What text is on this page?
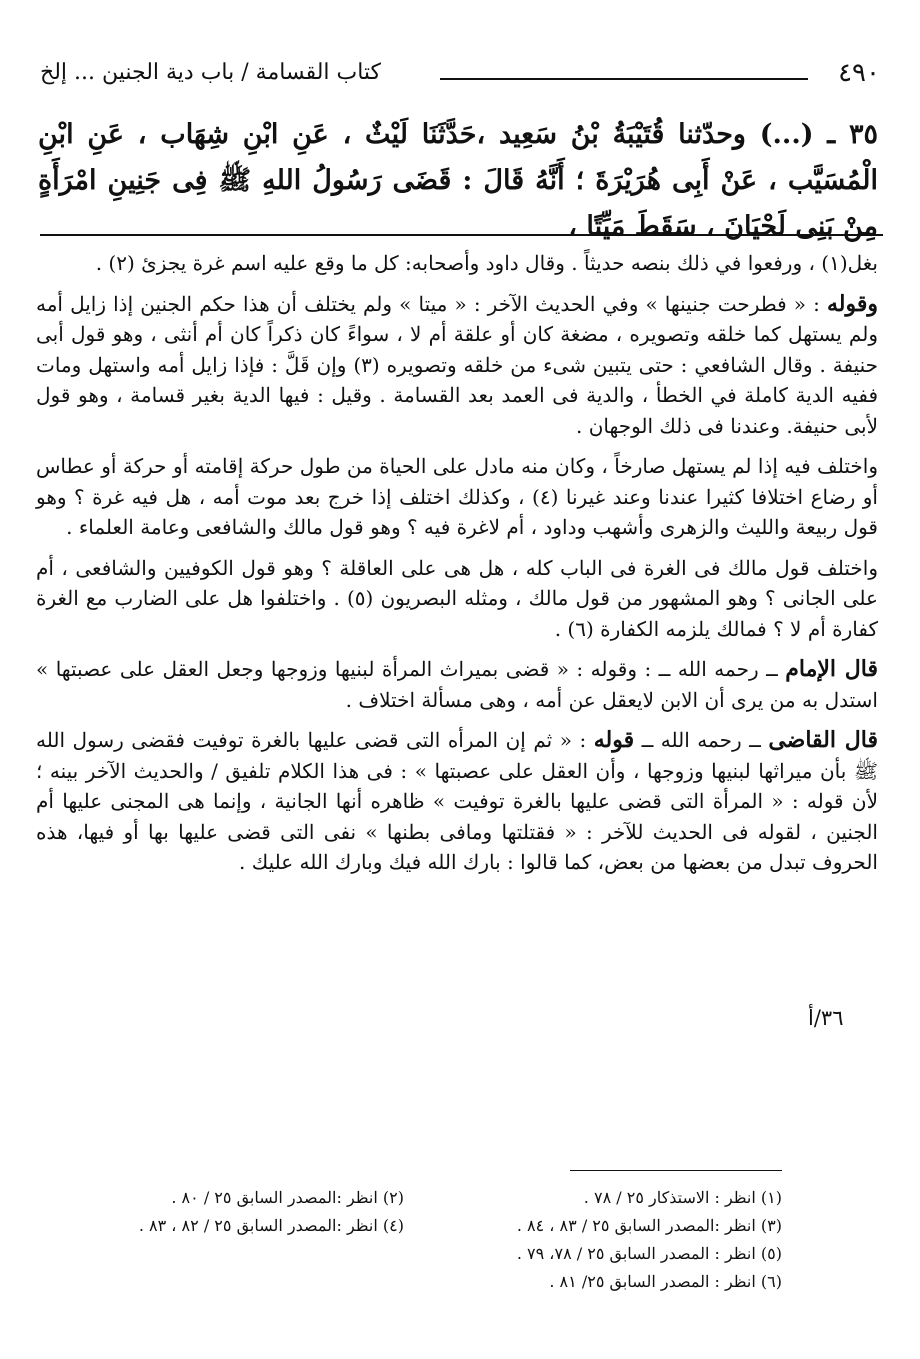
٤٩٠
كتاب القسامة / باب دية الجنين ... إلخ
٣٥ ـ (...) وحدّثنا قُتَيْبَةُ بْنُ سَعِيد ،حَدَّثَنَا لَيْثٌ ، عَنِ ابْنِ شِهَاب ، عَنِ ابْنِ الْمُسَيَّب ، عَنْ أَبِى هُرَيْرَةَ ؛ أَنَّهُ قَالَ : قَضَى رَسُولُ اللهِ ﷺ فِى جَنِينِ امْرَأَةٍ مِنْ بَنِى لَحْيَانَ ، سَقَطَ مَيِّتًا ،

بغل(١) ، ورفعوا في ذلك بنصه حديثاً . وقال داود وأصحابه: كل ما وقع عليه اسم غرة يجزئ (٢) .

وقوله : « فطرحت جنينها » وفي الحديث الآخر : « ميتا » ولم يختلف أن هذا حكم الجنين إذا زايل أمه ولم يستهل كما خلقه وتصويره ، مضغة كان أو علقة أم لا ، سواءً كان ذكراً كان أم أنثى ، وهو قول أبى حنيفة . وقال الشافعي : حتى يتبين شىء من خلقه وتصويره (٣) وإن قَلَّ : فإذا زايل أمه واستهل ومات ففيه الدية كاملة في الخطأ ، والدية فى العمد بعد القسامة . وقيل : فيها الدية بغير قسامة ، وهو قول لأبى حنيفة. وعندنا فى ذلك الوجهان .

واختلف فيه إذا لم يستهل صارخاً ، وكان منه مادل على الحياة من طول حركة إقامته أو حركة أو عطاس أو رضاع اختلافا كثيرا عندنا وعند غيرنا (٤) ، وكذلك اختلف إذا خرج بعد موت أمه ، هل فيه غرة ؟ وهو قول ربيعة والليث والزهرى وأشهب وداود ، أم لاغرة فيه ؟ وهو قول مالك والشافعى وعامة العلماء .

واختلف قول مالك فى الغرة فى الباب كله ، هل هى على العاقلة ؟ وهو قول الكوفيين والشافعى ، أم على الجانى ؟ وهو المشهور من قول مالك ، ومثله البصريون (٥) . واختلفوا هل على الضارب مع الغرة كفارة أم لا ؟ فمالك يلزمه الكفارة (٦) .

قال الإمام ــ رحمه الله ــ : وقوله : « قضى بميراث المرأة لبنيها وزوجها وجعل العقل على عصبتها » استدل به من يرى أن الابن لايعقل عن أمه ، وهى مسألة اختلاف .

قال القاضى ــ رحمه الله ــ قوله : « ثم إن المرأه التى قضى عليها بالغرة توفيت فقضى رسول الله ﷺ بأن ميراثها لبنيها وزوجها ، وأن العقل على عصبتها » : فى هذا الكلام تلفيق / والحديث الآخر بينه ؛ لأن قوله : « المرأة التى قضى عليها بالغرة توفيت » ظاهره أنها الجانية ، وإنما هى المجنى عليها أم الجنين ، لقوله فى الحديث للآخر : « فقتلتها ومافى بطنها » نفى التى قضى عليها بها أو فيها، هذه الحروف تبدل من بعضها من بعض، كما قالوا : بارك الله فيك وبارك الله عليك .

٣٦/أ
(١) انظر : الاستذكار ٢٥ / ٧٨ .
(٢) انظر :المصدر السابق ٢٥ / ٨٠ .
(٣) انظر :المصدر السابق ٢٥ / ٨٣ ، ٨٤ .
(٤) انظر :المصدر السابق ٢٥ / ٨٢ ، ٨٣ .
(٥) انظر : المصدر السابق ٢٥ / ٧٨، ٧٩ .
(٦) انظر : المصدر السابق ٢٥/ ٨١ .
